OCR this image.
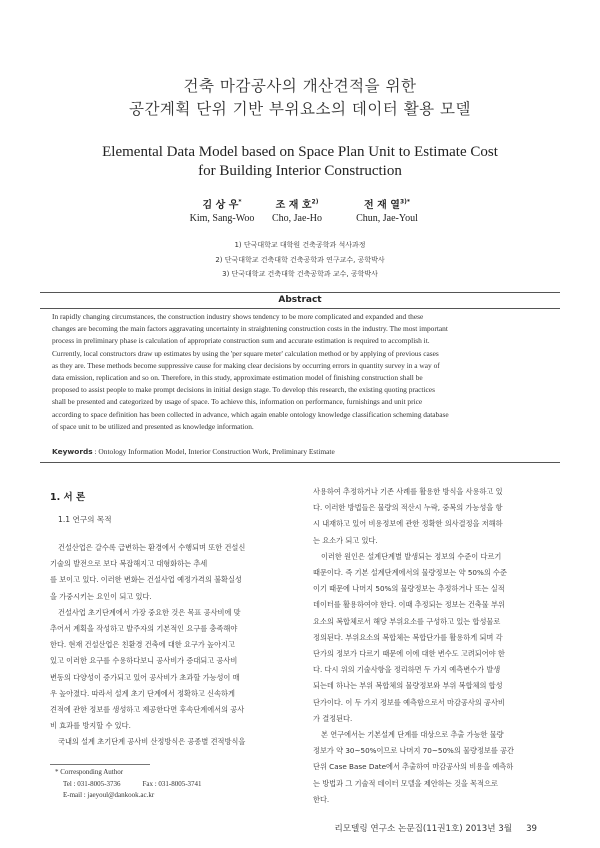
건축 마감공사의 개산견적을 위한
공간계획 단위 기반 부위요소의 데이터 활용 모델
Elemental Data Model based on Space Plan Unit to Estimate Cost
for Building Interior Construction
김 상 우*
Kim, Sang-Woo
조 재 호$^{2)}$
Cho, Jae-Ho
전 재 열$^{3)*}$
Chun, Jae-Youl
1) 단국대학교 대학원 건축공학과 석사과정
2) 단국대학교 건축대학 건축공학과 연구교수, 공학박사
3) 단국대학교 건축대학 건축공학과 교수, 공학박사
Abstract
In rapidly changing circumstances, the construction industry shows tendency to be more complicated and expanded and these
changes are becoming the main factors aggravating uncertainty in straightening construction costs in the industry. The most important
process in preliminary phase is calculation of appropriate construction sum and accurate estimation is required to accomplish it.
Currently, local constructors draw up estimates by using the 'per square meter' calculation method or by applying of previous cases
as they are. These methods become suppressive cause for making clear decisions by occurring errors in quantity survey in a way of
data emission, replication and so on. Therefore, in this study, approximate estimation model of finishing construction shall be
proposed to assist people to make prompt decisions in initial design stage. To develop this research, the existing quoting practices
shall be presented and categorized by usage of space. To achieve this, information on performance, furnishings and unit price
according to space definition has been collected in advance, which again enable ontology knowledge classification scheming database
of space unit to be utilized and presented as knowledge information.
Keywords : Ontology Information Model, Interior Construction Work, Preliminary Estimate
1. 서 론
1.1 연구의 목적

건설산업은 갈수록 급변하는 환경에서 수행되며 또한 건설신

기술의 발전으로 보다 복잡해지고 대형화하는 추세

를 보이고 있다. 이러한 변화는 건설사업 예정가격의 불확실성

을 가중시키는 요인이 되고 있다.

건설사업 초기단계에서 가장 중요한 것은 목표 공사비에 맞

추어서 계획을 작성하고 발주자의 기본적인 요구를 충족해야

한다. 현재 건설산업은 친환경 건축에 대한 요구가 높아지고

있고 이러한 요구를 수용하다보니 공사비가 증대되고 공사비

변동의 다양성이 증가되고 있어 공사비가 초과할 가능성이 매

우 높아졌다. 따라서 설계 초기 단계에서 정확하고 신속하게

견적에 관한 정보를 생성하고 제공한다면 후속단계에서의 공사

비 효과를 방지할 수 있다.

국내의 설계 초기단계 공사비 산정방식은 공종별 견적방식을

* Corresponding Author
Tel : 031-8005-3736	Fax : 031-8005-3741
E-mail : jaeyoul@dankook.ac.kr

사용하여 추정하거나 기존 사례를 활용한 방식을 사용하고 있

다. 이러한 방법들은 물량의 적산시 누락, 중복의 가능성을 항

시 내재하고 있어 비용정보에 관한 정확한 의사결정을 저해하

는 요소가 되고 있다.

이러한 원인은 설계단계별 발생되는 정보의 수준이 다르기

때문이다. 즉 기본 설계단계에서의 물량정보는 약 50%의 수준

이기 때문에 나머지 50%의 물량정보는 추정하거나 또는 실적

데이터를 활용하여야 한다. 이때 추정되는 정보는 건축물 부위

요소의 복합체로서 해당 부위요소를 구성하고 있는 합성물로

정의된다. 부위요소의 복합체는 복합단가를 활용하게 되며 각

단가의 정보가 다르기 때문에 이에 대한 변수도 고려되어야 한

다. 다시 위의 기술사항을 정리하면 두 가지 예측변수가 발생

되는데 하나는 부위 복합체의 물량정보와 부위 복합체의 합성

단가이다. 이 두 가지 정보를 예측함으로서 마감공사의 공사비

가 결정된다.

본 연구에서는 기본설계 단계를 대상으로 추출 가능한 물량

정보가 약 30~50%이므로 나머지 70~50%의 물량정보를 공간

단위 Case Base Date에서 추출하여 마감공사의 비용을 예측하

는 방법과 그 기술적 데이터 모델을 제안하는 것을 목적으로

한다.

리모델링 연구소 논문집(11권1호) 2013년 3월 39
